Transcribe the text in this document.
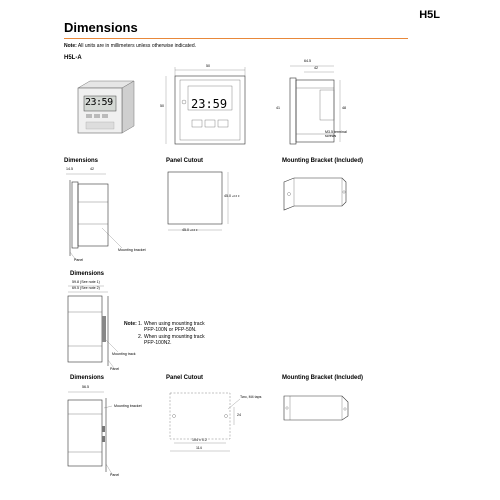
Dimensions
H5L
Note: All units are in millimeters unless otherwise indicated.
H5L-A
23:59
50
50 23:59
64.5
42
48
41
M3.5 terminal screws
Dimensions	Panel Cutout	Mounting Bracket (Included)
14.5	42
Mounting bracket
Panel
45.0 +0.6 0
45.0 +0.6 0
Dimensions
59.8 (See note 1)
69.5 (See note 2)
Mounting track
Panel
Note: 1. When using mounting track
PFP-100N or PFP-50N.
2. When using mounting track
PFP-100N2.
Dimensions	Panel Cutout	Mounting Bracket (Included)
56.5
Mounting bracket
Panel
Two, M4 taps
24
104 ± 0.2
114
